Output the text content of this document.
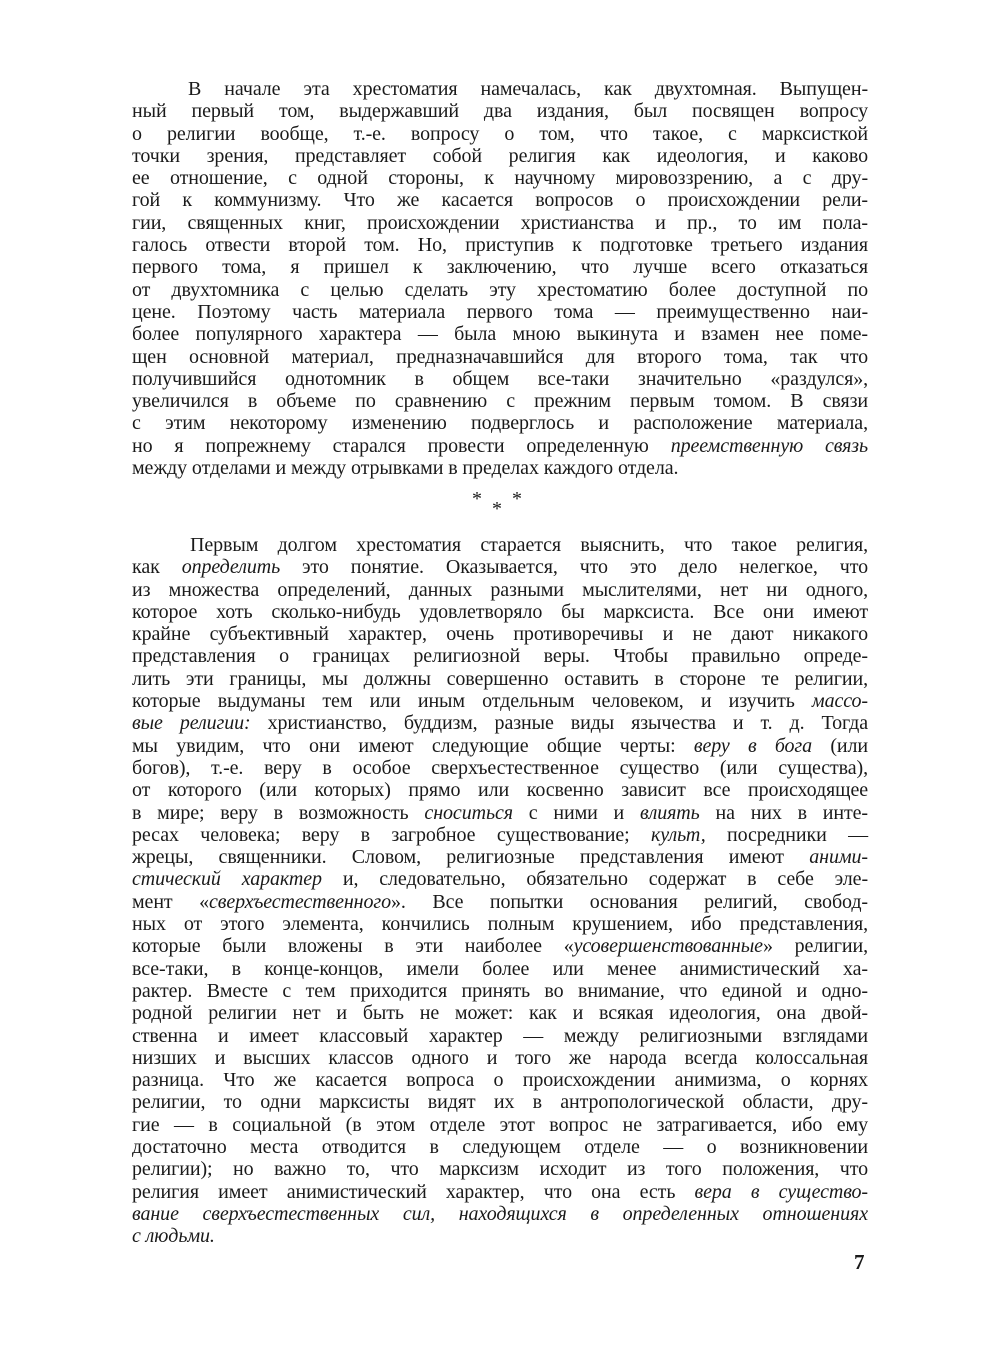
В начале эта хрестоматия намечалась, как двухтомная. Выпущен-
ный первый том, выдержавший два издания, был посвящен вопросу
о религии вообще, т.-е. вопросу о том, что такое, с марксисткой
точки зрения, представляет собой религия как идеология, и каково
ее отношение, с одной стороны, к научному мировоззрению, а с дру-
гой к коммунизму. Что же касается вопросов о происхождении рели-
гии, священных книг, происхождении христианства и пр., то им пола-
галось отвести второй том. Но, приступив к подготовке третьего издания
первого тома, я пришел к заключению, что лучше всего отказаться
от двухтомника с целью сделать эту хрестоматию более доступной по
цене. Поэтому часть материала первого тома — преимущественно наи-
более популярного характера — была мною выкинута и взамен нее поме-
щен основной материал, предназначавшийся для второго тома, так что
получившийся однотомник в общем все-таки значительно «раздулся»,
увеличился в объеме по сравнению с прежним первым томом. В связи
с этим некоторому изменению подверглось и расположение материала,
но я попрежнему старался провести определенную преемственную связь
между отделами и между отрывками в пределах каждого отдела.
* * *
Первым долгом хрестоматия старается выяснить, что такое религия,
как определить это понятие. Оказывается, что это дело нелегкое, что
из множества определений, данных разными мыслителями, нет ни одного,
которое хоть сколько-нибудь удовлетворяло бы марксиста. Все они имеют
крайне субъективный характер, очень противоречивы и не дают никакого
представления о границах религиозной веры. Чтобы правильно опреде-
лить эти границы, мы должны совершенно оставить в стороне те религии,
которые выдуманы тем или иным отдельным человеком, и изучить массо-
вые религии: христианство, буддизм, разные виды язычества и т. д. Тогда
мы увидим, что они имеют следующие общие черты: веру в бога (или
богов), т.-е. веру в особое сверхъестественное существо (или существа),
от которого (или которых) прямо или косвенно зависит все происходящее
в мире; веру в возможность сноситься с ними и влиять на них в инте-
ресах человека; веру в загробное существование; культ, посредники —
жрецы, священники. Словом, религиозные представления имеют аними-
стический характер и, следовательно, обязательно содержат в себе эле-
мент «сверхъестественного». Все попытки основания религий, свобод-
ных от этого элемента, кончились полным крушением, ибо представления,
которые были вложены в эти наиболее «усовершенствованные» религии,
все-таки, в конце-концов, имели более или менее анимистический ха-
рактер. Вместе с тем приходится принять во внимание, что единой и одно-
родной религии нет и быть не может: как и всякая идеология, она двой-
ственна и имеет классовый характер — между религиозными взглядами
низших и высших классов одного и того же народа всегда колоссальная
разница. Что же касается вопроса о происхождении анимизма, о корнях
религии, то одни марксисты видят их в антропологической области, дру-
гие — в социальной (в этом отделе этот вопрос не затрагивается, ибо ему
достаточно места отводится в следующем отделе — о возникновении
религии); но важно то, что марксизм исходит из того положения, что
религия имеет анимистический характер, что она есть вера в существо-
вание сверхъестественных сил, находящихся в определенных отношениях
с людьми.
7
